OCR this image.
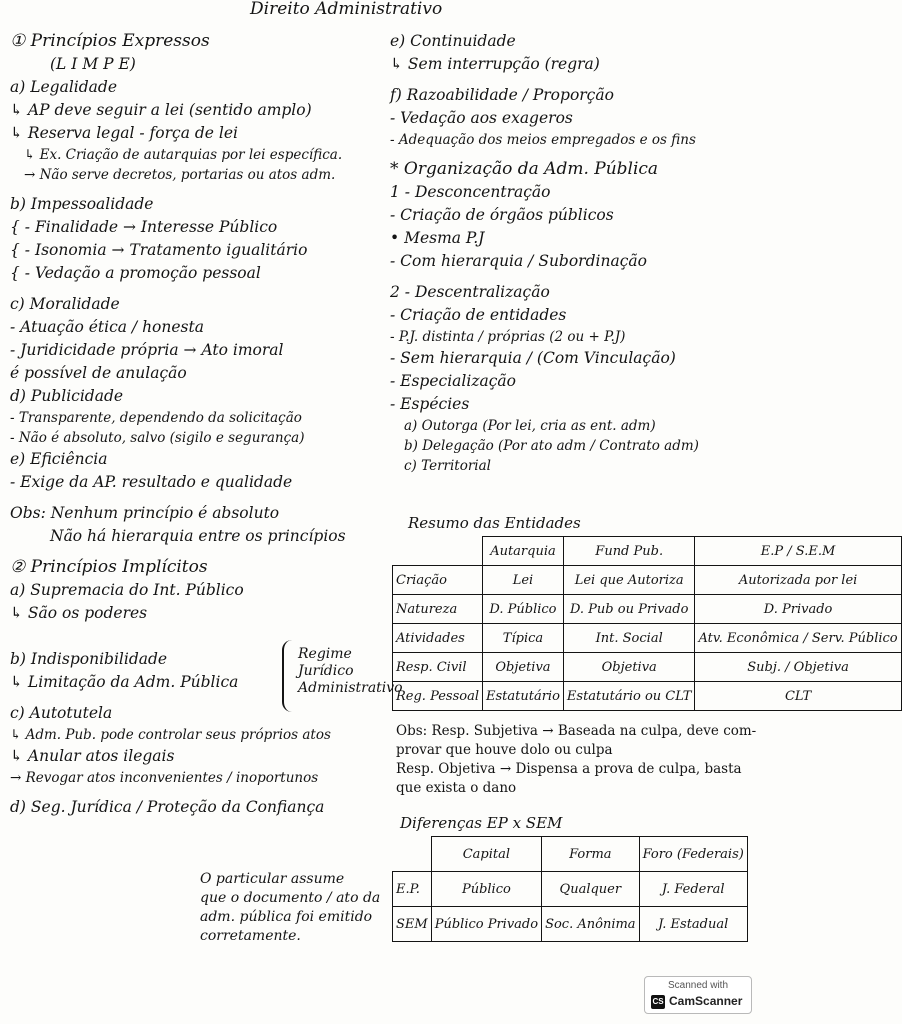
Direito Administrativo
① Princípios Expressos
(L I M P E)
a) Legalidade
↳ AP deve seguir a lei (sentido amplo)
↳ Reserva legal - força de lei
↳ Ex. Criação de autarquias por lei específica.
→ Não serve decretos, portarias ou atos adm.
b) Impessoalidade
{ - Finalidade → Interesse Público
{ - Isonomia → Tratamento igualitário
{ - Vedação a promoção pessoal
c) Moralidade
- Atuação ética / honesta
- Juridicidade própria → Ato imoral
é possível de anulação
d) Publicidade
- Transparente, dependendo da solicitação
- Não é absoluto, salvo (sigilo e segurança)
e) Eficiência
- Exige da AP. resultado e qualidade
Obs: Nenhum princípio é absoluto
Não há hierarquia entre os princípios
② Princípios Implícitos
a) Supremacia do Int. Público
↳ São os poderes
b) Indisponibilidade
↳ Limitação da Adm. Pública
c) Autotutela
↳ Adm. Pub. pode controlar seus próprios atos
↳ Anular atos ilegais
→ Revogar atos inconvenientes / inoportunos
d) Seg. Jurídica / Proteção da Confiança
Regime Jurídico Administrativo
O particular assume
que o documento / ato da
adm. pública foi emitido
corretamente.
e) Continuidade
↳ Sem interrupção (regra)
f) Razoabilidade / Proporção
- Vedação aos exageros
- Adequação dos meios empregados e os fins
* Organização da Adm. Pública
1 - Desconcentração
- Criação de órgãos públicos
• Mesma P.J
- Com hierarquia / Subordinação
2 - Descentralização
- Criação de entidades
- P.J. distinta / próprias (2 ou + P.J)
- Sem hierarquia / (Com Vinculação)
- Especialização
- Espécies
a) Outorga (Por lei, cria as ent. adm)
b) Delegação (Por ato adm / Contrato adm)
c) Territorial
Resumo das Entidades
	Autarquia	Fund Pub.	E.P / S.E.M
Criação	Lei	Lei que Autoriza	Autorizada por lei
Natureza	D. Público	D. Pub ou Privado	D. Privado
Atividades	Típica	Int. Social	Atv. Econômica / Serv. Público
Resp. Civil	Objetiva	Objetiva	Subj. / Objetiva
Reg. Pessoal	Estatutário	Estatutário ou CLT	CLT
Obs: Resp. Subjetiva → Baseada na culpa, deve com-
provar que houve dolo ou culpa
Resp. Objetiva → Dispensa a prova de culpa, basta
que exista o dano
Diferenças EP x SEM
	Capital	Forma	Foro (Federais)
E.P.	Público	Qualquer	J. Federal
SEM	Público Privado	Soc. Anônima	J. Estadual
Scanned with
CS CamScanner
